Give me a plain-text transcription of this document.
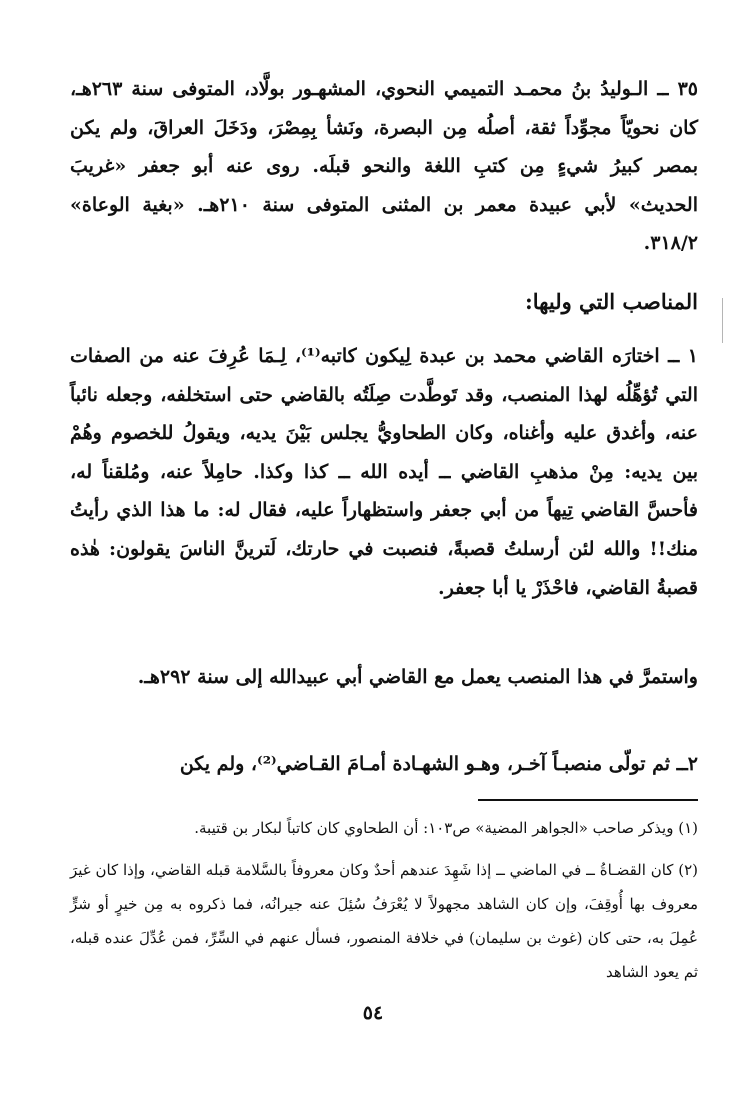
٣٥ ــ الـوليدُ بنُ محمـد التميمي النحوي، المشهـور بولَّاد، المتوفى سنة ٢٦٣هـ، كان نحويّاً مجوِّداً ثقة، أصلُه مِن البصرة، ونَشأ بِمِصْرَ، ودَخَلَ العراقَ، ولم يكن بمصر كبيرُ شيءٍ مِن كتبِ اللغة والنحو قبلَه. روى عنه أبو جعفر «غريبَ الحديث» لأبي عبيدة معمر بن المثنى المتوفى سنة ٢١٠هـ. «بغية الوعاة» ٣١٨/٢.

المناصب التي وليها:

١ ــ اختارَه القاضي محمد بن عبدة لِيكون كاتبه⁽¹⁾، لِـمَا عُرِفَ عنه من الصفات التي تُؤهِّلُه لهذا المنصب، وقد تَوطَّدت صِلَتُه بالقاضي حتى استخلفه، وجعله نائباً عنه، وأغدق عليه وأغناه، وكان الطحاويُّ يجلس بَيْنَ يديه، ويقولُ للخصوم وهُمْ بين يديه: مِنْ مذهبِ القاضي ــ أيده الله ــ كذا وكذا. حامِلاً عنه، ومُلقناً له، فأحسَّ القاضي تِيهاً من أبي جعفر واستظهاراً عليه، فقال له: ما هذا الذي رأيتُ منك!! والله لئن أرسلتُ قصبةً، فنصبت في حارتك، لَترينَّ الناسَ يقولون: هٰذه قصبةُ القاضي، فاحْذَرْ يا أبا جعفر.

واستمرَّ في هذا المنصب يعمل مع القاضي أبي عبيدالله إلى سنة ٢٩٢هـ.

٢ــ ثم تولّى منصبـاً آخـر، وهـو الشهـادة أمـامَ القـاضي⁽²⁾، ولم يكن

(١) ويذكر صاحب «الجواهر المضية» ص١٠٣: أن الطحاوي كان كاتباً لبكار بن قتيبة.

(٢) كان القضـاةُ ــ في الماضي ــ إذا شَهِدَ عندهم أحدٌ وكان معروفاً بالسَّلامة قبله القاضي، وإذا كان غيرَ معروف بها أُوقِفَ، وإن كان الشاهد مجهولاً لا يُعْرَفُ سُئِلَ عنه جيرانُه، فما ذكروه به مِن خيرٍ أو شرٍّ عُمِلَ به، حتى كان (غوث بن سليمان) في خلافة المنصور، فسأل عنهم في السِّرِّ، فمن عُدِّلَ عنده قبله، ثم يعود الشاهد

٥٤
